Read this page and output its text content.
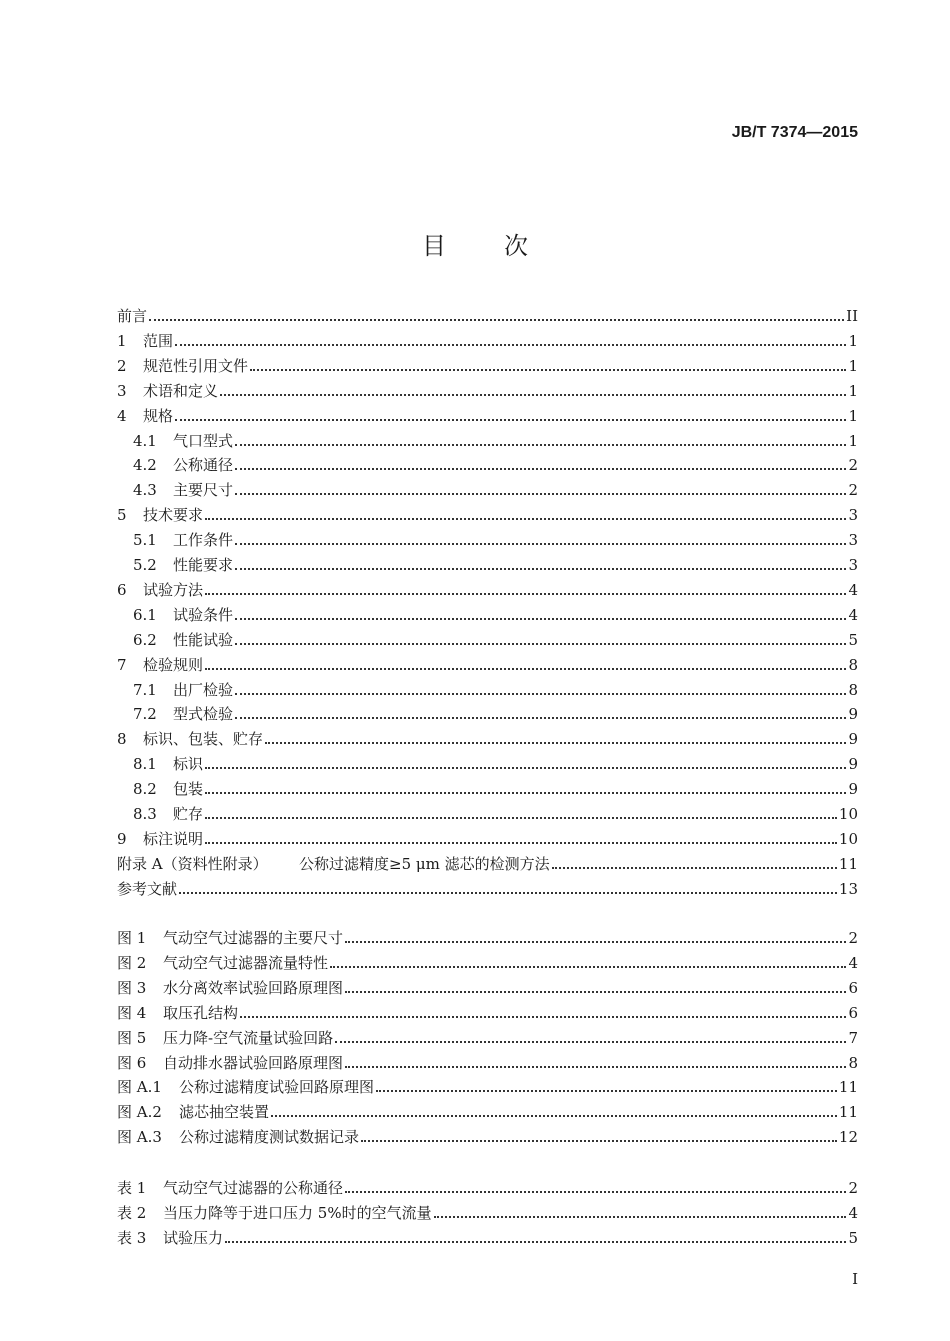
JB/T 7374—2015
目 次
前言	II
1	范围	1
2	规范性引用文件	1
3	术语和定义	1
4	规格	1
4.1	气口型式	1
4.2	公称通径	2
4.3	主要尺寸	2
5	技术要求	3
5.1	工作条件	3
5.2	性能要求	3
6	试验方法	4
6.1	试验条件	4
6.2	性能试验	5
7	检验规则	8
7.1	出厂检验	8
7.2	型式检验	9
8	标识、包装、贮存	9
8.1	标识	9
8.2	包装	9
8.3	贮存	10
9	标注说明	10
附录 A（资料性附录）	公称过滤精度≥5 μm 滤芯的检测方法	11
参考文献	13
图 1	气动空气过滤器的主要尺寸	2
图 2	气动空气过滤器流量特性	4
图 3	水分离效率试验回路原理图	6
图 4	取压孔结构	6
图 5	压力降-空气流量试验回路	7
图 6	自动排水器试验回路原理图	8
图 A.1	公称过滤精度试验回路原理图	11
图 A.2	滤芯抽空装置	11
图 A.3	公称过滤精度测试数据记录	12
表 1	气动空气过滤器的公称通径	2
表 2	当压力降等于进口压力 5%时的空气流量	4
表 3	试验压力	5
I
